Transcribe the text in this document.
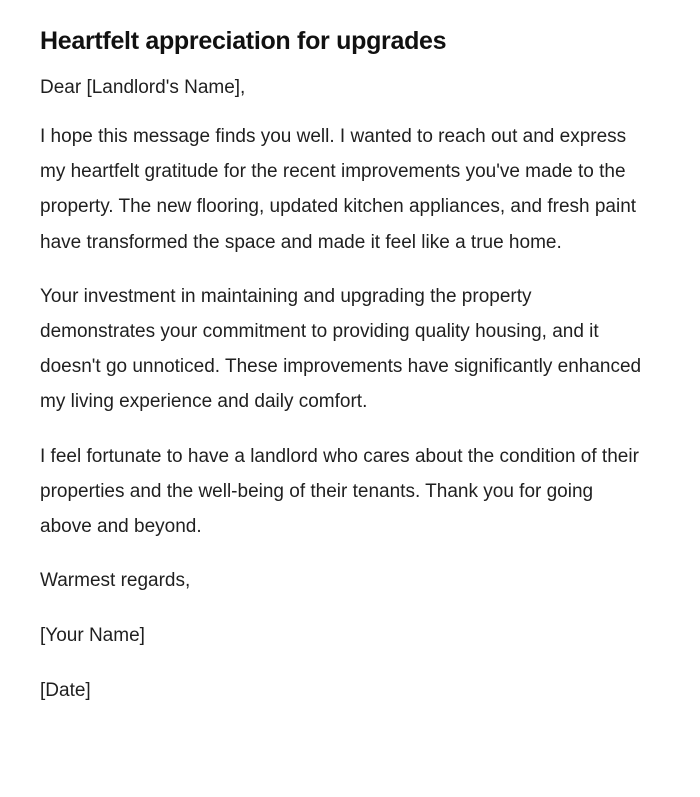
Heartfelt appreciation for upgrades

Dear [Landlord's Name],

I hope this message finds you well. I wanted to reach out and express my heartfelt gratitude for the recent improvements you've made to the property. The new flooring, updated kitchen appliances, and fresh paint have transformed the space and made it feel like a true home.

Your investment in maintaining and upgrading the property demonstrates your commitment to providing quality housing, and it doesn't go unnoticed. These improvements have significantly enhanced my living experience and daily comfort.

I feel fortunate to have a landlord who cares about the condition of their properties and the well-being of their tenants. Thank you for going above and beyond.

Warmest regards,

[Your Name]

[Date]
